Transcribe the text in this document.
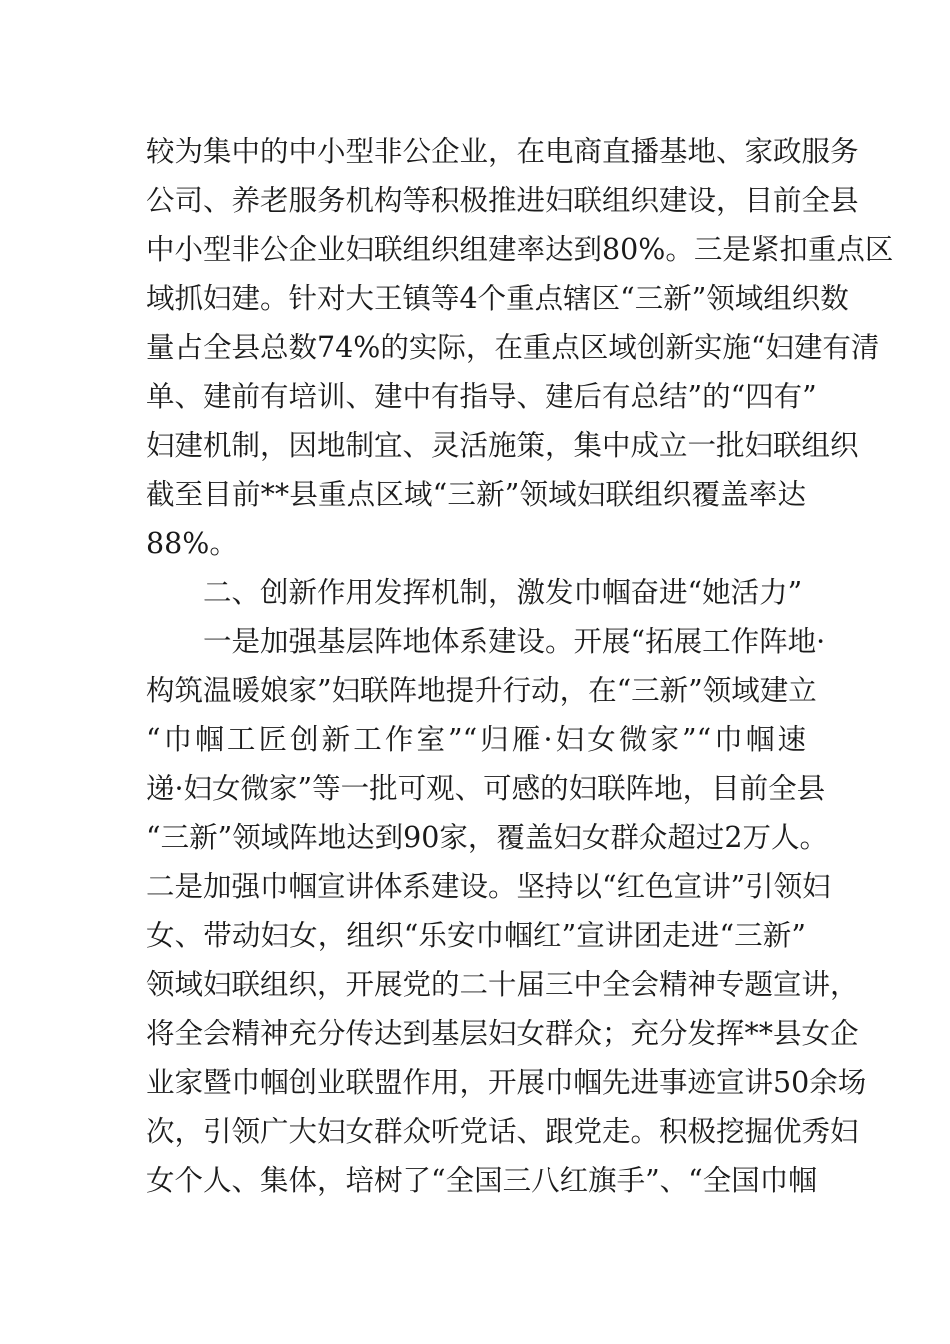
较为集中的中小型非公企业，在电商直播基地、家政服务
公司、养老服务机构等积极推进妇联组织建设，目前全县
中小型非公企业妇联组织组建率达到80%。三是紧扣重点区
域抓妇建。针对大王镇等4个重点辖区“三新”领域组织数
量占全县总数74%的实际，在重点区域创新实施“妇建有清
单、建前有培训、建中有指导、建后有总结”的“四有”
妇建机制，因地制宜、灵活施策，集中成立一批妇联组织
截至目前**县重点区域“三新”领域妇联组织覆盖率达
88%。
二、创新作用发挥机制，激发巾帼奋进“她活力”
一是加强基层阵地体系建设。开展“拓展工作阵地·
构筑温暖娘家”妇联阵地提升行动，在“三新”领域建立
“巾帼工匠创新工作室”“归雁·妇女微家”“巾帼速
递·妇女微家”等一批可观、可感的妇联阵地，目前全县
“三新”领域阵地达到90家，覆盖妇女群众超过2万人。
二是加强巾帼宣讲体系建设。坚持以“红色宣讲”引领妇
女、带动妇女，组织“乐安巾帼红”宣讲团走进“三新”
领域妇联组织，开展党的二十届三中全会精神专题宣讲，
将全会精神充分传达到基层妇女群众；充分发挥**县女企
业家暨巾帼创业联盟作用，开展巾帼先进事迹宣讲50余场
次，引领广大妇女群众听党话、跟党走。积极挖掘优秀妇
女个人、集体，培树了“全国三八红旗手”、“全国巾帼
